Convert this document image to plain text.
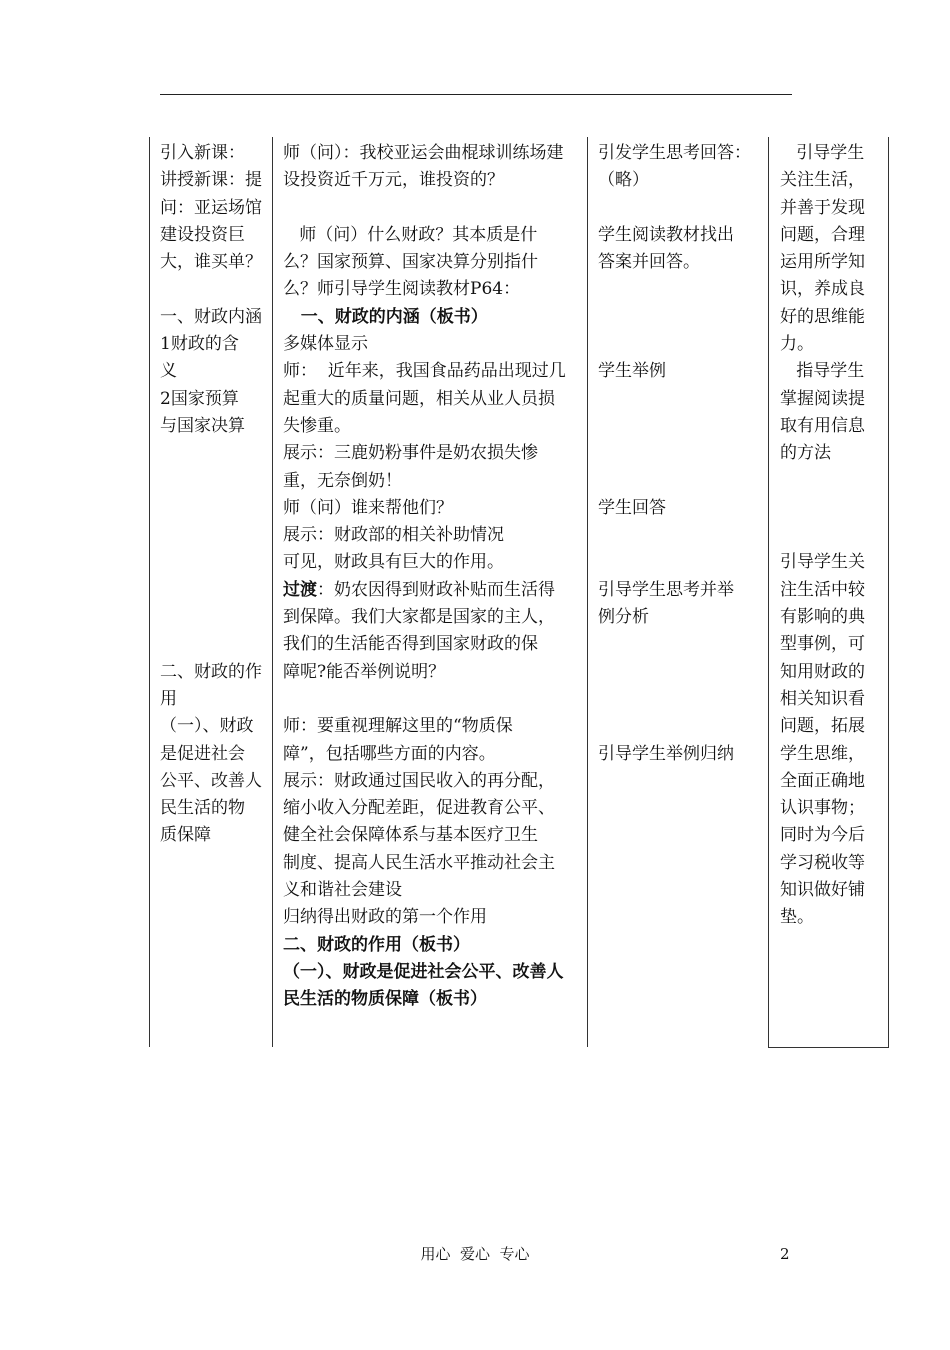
引入新课：
讲授新课：提
问：亚运场馆
建设投资巨
大，谁买单？
一、财政内涵
1财政的含
义
2国家预算
与国家决算
二、财政的作
用
（一）、财政
是促进社会
公平、改善人
民生活的物
质保障
师（问）：我校亚运会曲棍球训练场建
设投资近千万元，谁投资的？
师（问）什么财政？其本质是什
么？国家预算、国家决算分别指什
么？师引导学生阅读教材P64：
一、财政的内涵（板书）
多媒体显示
师：  近年来，我国食品药品出现过几
起重大的质量问题，相关从业人员损
失惨重。
展示：三鹿奶粉事件是奶农损失惨
重，无奈倒奶！
师（问）谁来帮他们？
展示：财政部的相关补助情况
可见，财政具有巨大的作用。
过渡：奶农因得到财政补贴而生活得
到保障。我们大家都是国家的主人，
我们的生活能否得到国家财政的保
障呢?能否举例说明？
师：要重视理解这里的“物质保
障”，包括哪些方面的内容。
展示：财政通过国民收入的再分配，
缩小收入分配差距，促进教育公平、
健全社会保障体系与基本医疗卫生
制度、提高人民生活水平推动社会主
义和谐社会建设
归纳得出财政的第一个作用
二、财政的作用（板书）
（一）、财政是促进社会公平、改善人
民生活的物质保障（板书）
引发学生思考回答：
（略）
学生阅读教材找出
答案并回答。
学生举例
学生回答
引导学生思考并举
例分析
引导学生举例归纳
引导学生
关注生活，
并善于发现
问题，合理
运用所学知
识，养成良
好的思维能
力。
指导学生
掌握阅读提
取有用信息
的方法
引导学生关
注生活中较
有影响的典
型事例，可
知用财政的
相关知识看
问题，拓展
学生思维，
全面正确地
认识事物；
同时为今后
学习税收等
知识做好铺
垫。
用心  爱心  专心	2
